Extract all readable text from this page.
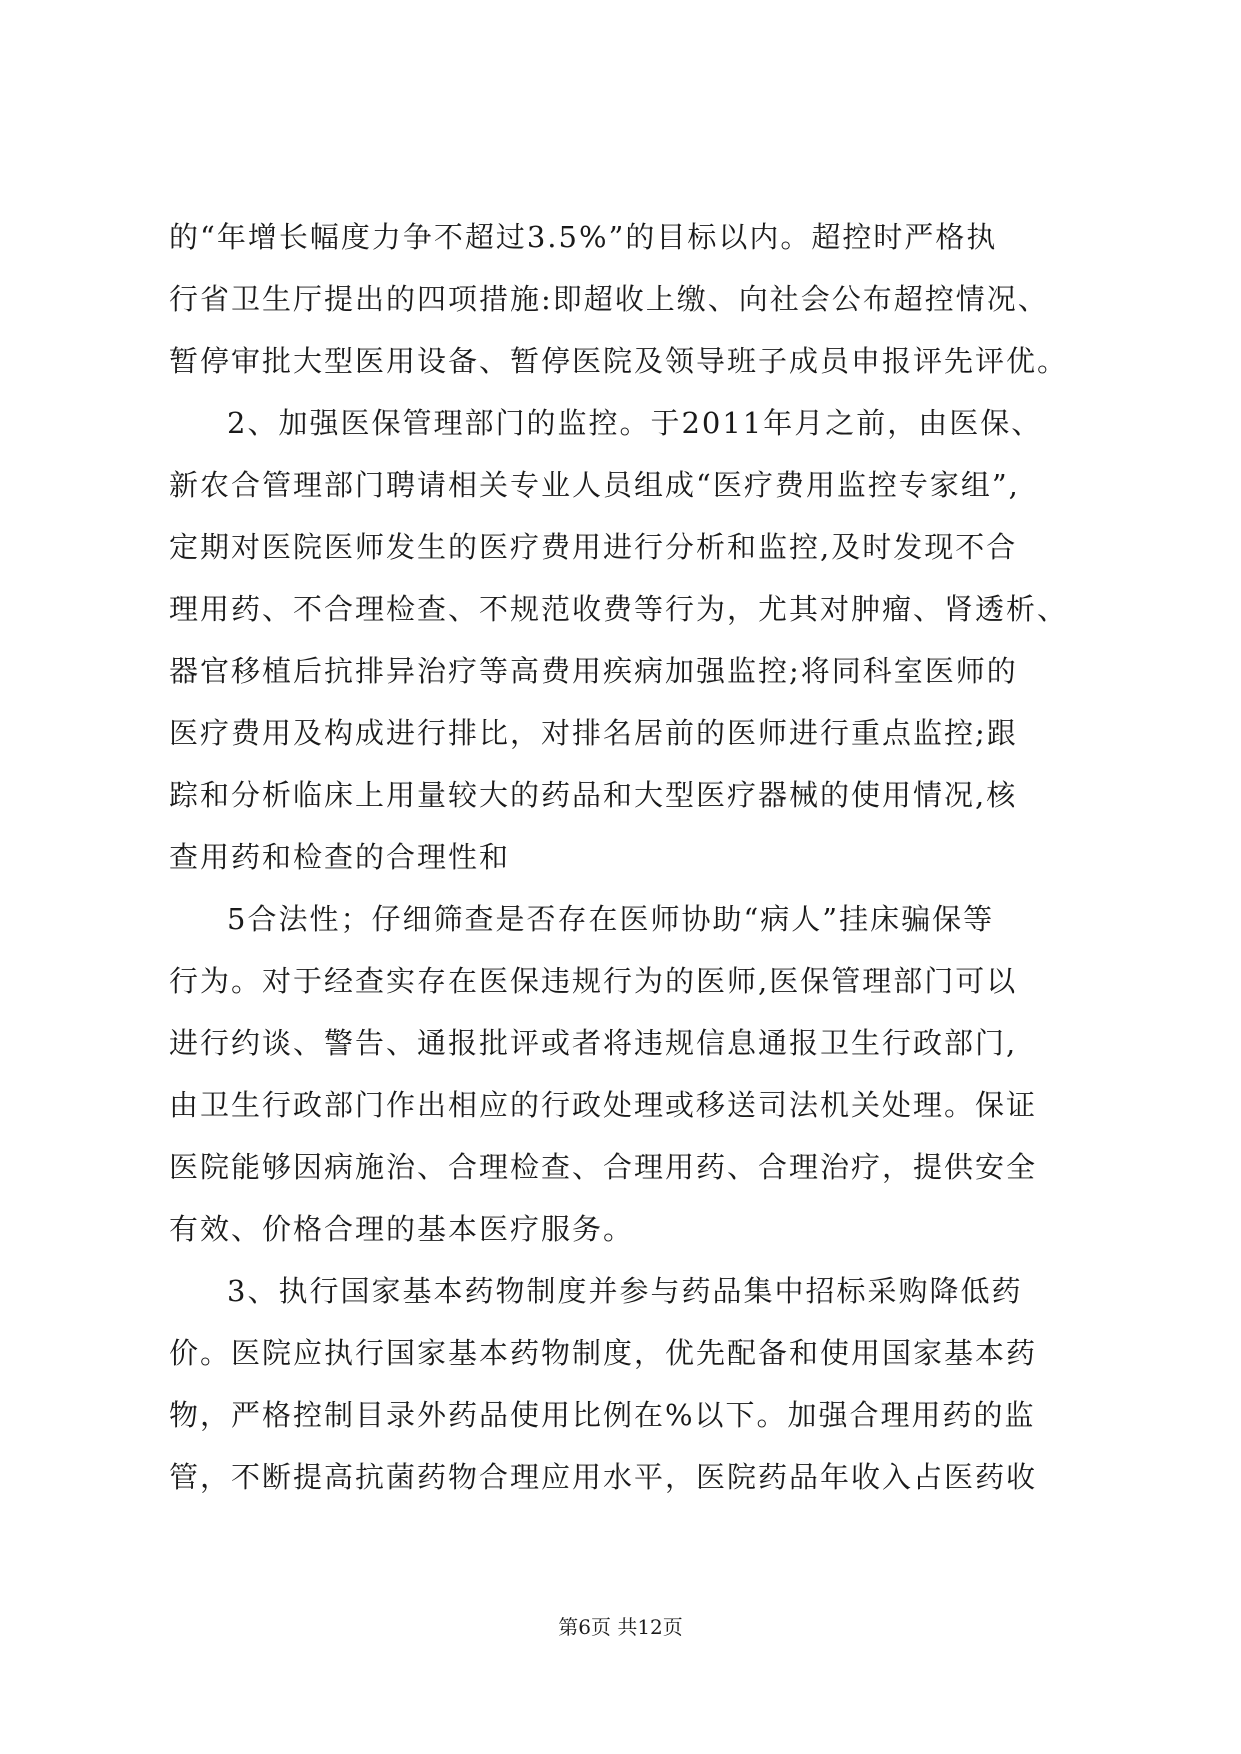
的“年增长幅度力争不超过3.5%”的目标以内。超控时严格执
行省卫生厅提出的四项措施:即超收上缴、向社会公布超控情况、
暂停审批大型医用设备、暂停医院及领导班子成员申报评先评优。
2、加强医保管理部门的监控。于2011年月之前，由医保、
新农合管理部门聘请相关专业人员组成“医疗费用监控专家组”,
定期对医院医师发生的医疗费用进行分析和监控,及时发现不合
理用药、不合理检查、不规范收费等行为，尤其对肿瘤、肾透析、
器官移植后抗排异治疗等高费用疾病加强监控;将同科室医师的
医疗费用及构成进行排比，对排名居前的医师进行重点监控;跟
踪和分析临床上用量较大的药品和大型医疗器械的使用情况,核
查用药和检查的合理性和
5合法性；仔细筛查是否存在医师协助“病人”挂床骗保等
行为。对于经查实存在医保违规行为的医师,医保管理部门可以
进行约谈、警告、通报批评或者将违规信息通报卫生行政部门,
由卫生行政部门作出相应的行政处理或移送司法机关处理。保证
医院能够因病施治、合理检查、合理用药、合理治疗，提供安全
有效、价格合理的基本医疗服务。
3、执行国家基本药物制度并参与药品集中招标采购降低药
价。医院应执行国家基本药物制度，优先配备和使用国家基本药
物，严格控制目录外药品使用比例在%以下。加强合理用药的监
管，不断提高抗菌药物合理应用水平，医院药品年收入占医药收
第6页 共12页
